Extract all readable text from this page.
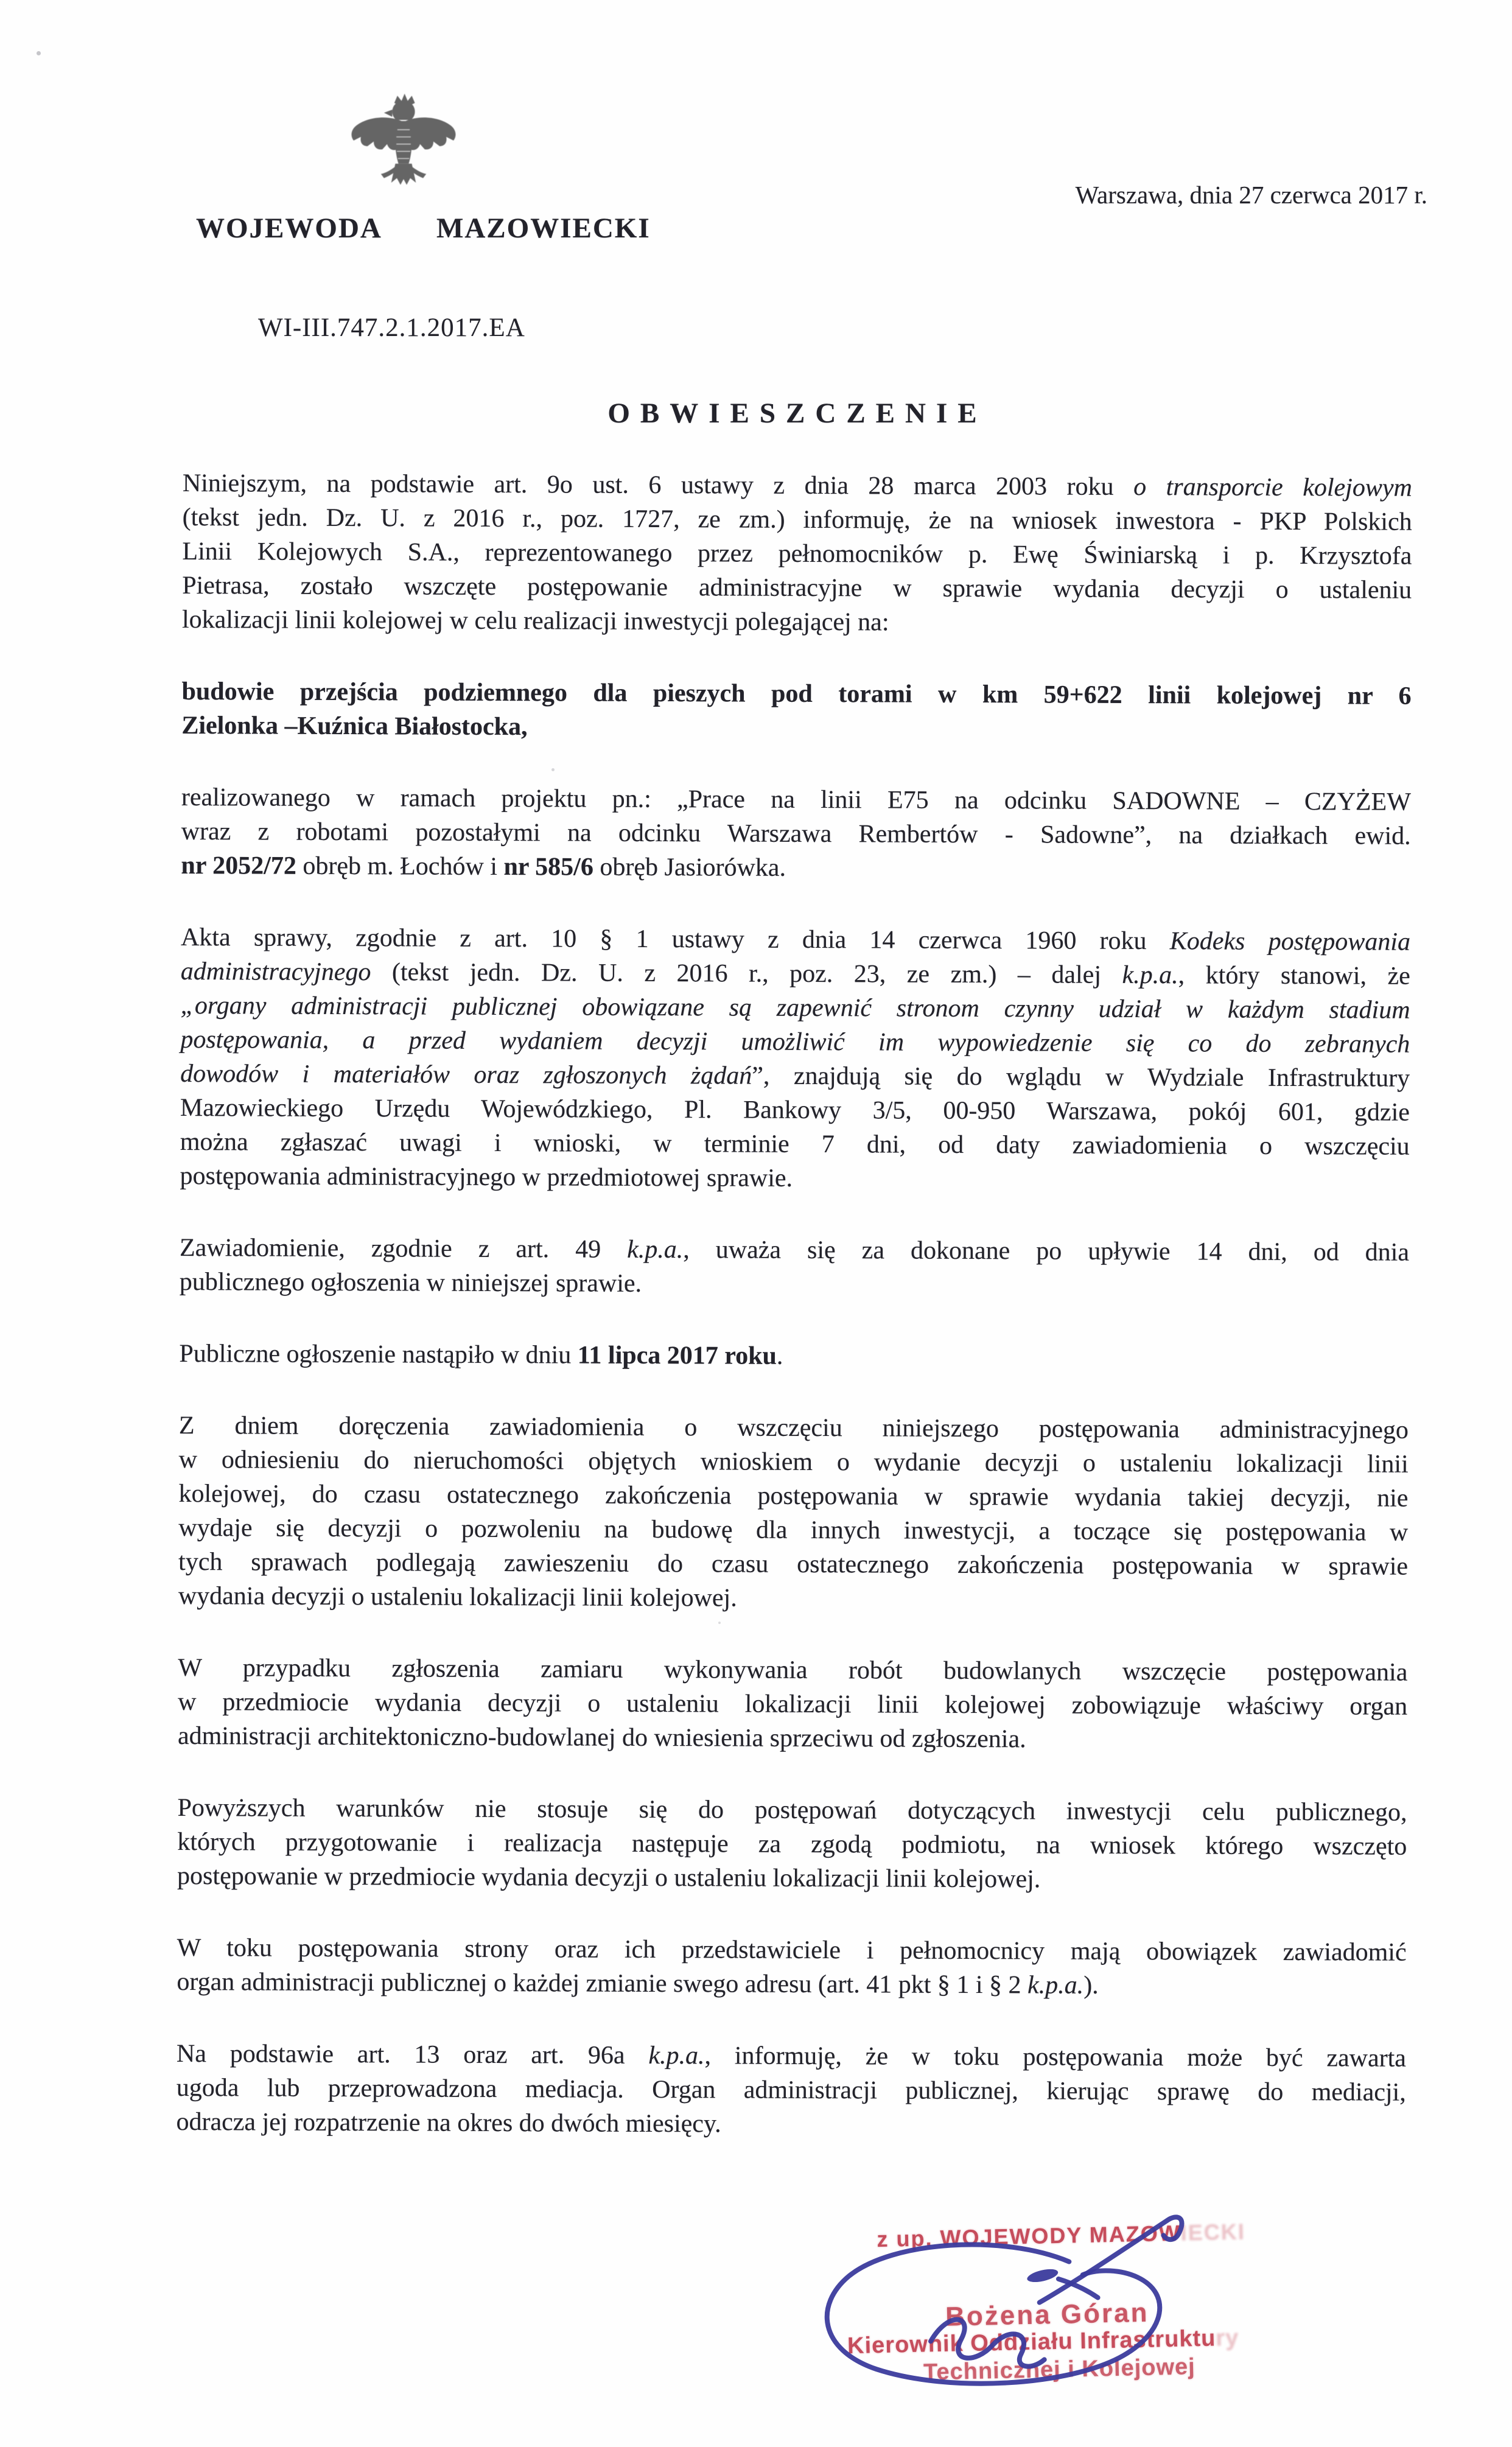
WOJEWODA MAZOWIECKI
Warszawa, dnia 27 czerwca 2017 r.
WI-III.747.2.1.2017.EA
OBWIESZCZENIE
Niniejszym, na podstawie art. 9o ust. 6 ustawy z dnia 28 marca 2003 roku o transporcie kolejowym
(tekst jedn. Dz. U. z 2016 r., poz. 1727, ze zm.) informuję, że na wniosek inwestora - PKP Polskich
Linii Kolejowych S.A., reprezentowanego przez pełnomocników p. Ewę Świniarską i p. Krzysztofa
Pietrasa, zostało wszczęte postępowanie administracyjne w sprawie wydania decyzji o ustaleniu
lokalizacji linii kolejowej w celu realizacji inwestycji polegającej na:
budowie przejścia podziemnego dla pieszych pod torami w km 59+622 linii kolejowej nr 6
Zielonka –Kuźnica Białostocka,
realizowanego w ramach projektu pn.: „Prace na linii E75 na odcinku SADOWNE – CZYŻEW
wraz z robotami pozostałymi na odcinku Warszawa Rembertów - Sadowne”, na działkach ewid.
nr 2052/72 obręb m. Łochów i nr 585/6 obręb Jasiorówka.
Akta sprawy, zgodnie z art. 10 § 1 ustawy z dnia 14 czerwca 1960 roku Kodeks postępowania
administracyjnego (tekst jedn. Dz. U. z 2016 r., poz. 23, ze zm.) – dalej k.p.a., który stanowi, że
„organy administracji publicznej obowiązane są zapewnić stronom czynny udział w każdym stadium
postępowania, a przed wydaniem decyzji umożliwić im wypowiedzenie się co do zebranych
dowodów i materiałów oraz zgłoszonych żądań”, znajdują się do wglądu w Wydziale Infrastruktury
Mazowieckiego Urzędu Wojewódzkiego, Pl. Bankowy 3/5, 00-950 Warszawa, pokój 601, gdzie
można zgłaszać uwagi i wnioski, w terminie 7 dni, od daty zawiadomienia o wszczęciu
postępowania administracyjnego w przedmiotowej sprawie.
Zawiadomienie, zgodnie z art. 49 k.p.a., uważa się za dokonane po upływie 14 dni, od dnia
publicznego ogłoszenia w niniejszej sprawie.
Publiczne ogłoszenie nastąpiło w dniu 11 lipca 2017 roku.
Z dniem doręczenia zawiadomienia o wszczęciu niniejszego postępowania administracyjnego
w odniesieniu do nieruchomości objętych wnioskiem o wydanie decyzji o ustaleniu lokalizacji linii
kolejowej, do czasu ostatecznego zakończenia postępowania w sprawie wydania takiej decyzji, nie
wydaje się decyzji o pozwoleniu na budowę dla innych inwestycji, a toczące się postępowania w
tych sprawach podlegają zawieszeniu do czasu ostatecznego zakończenia postępowania w sprawie
wydania decyzji o ustaleniu lokalizacji linii kolejowej.
W przypadku zgłoszenia zamiaru wykonywania robót budowlanych wszczęcie postępowania
w przedmiocie wydania decyzji o ustaleniu lokalizacji linii kolejowej zobowiązuje właściwy organ
administracji architektoniczno-budowlanej do wniesienia sprzeciwu od zgłoszenia.
Powyższych warunków nie stosuje się do postępowań dotyczących inwestycji celu publicznego,
których przygotowanie i realizacja następuje za zgodą podmiotu, na wniosek którego wszczęto
postępowanie w przedmiocie wydania decyzji o ustaleniu lokalizacji linii kolejowej.
W toku postępowania strony oraz ich przedstawiciele i pełnomocnicy mają obowiązek zawiadomić
organ administracji publicznej o każdej zmianie swego adresu (art. 41 pkt § 1 i § 2 k.p.a.).
Na podstawie art. 13 oraz art. 96a k.p.a., informuję, że w toku postępowania może być zawarta
ugoda lub przeprowadzona mediacja. Organ administracji publicznej, kierując sprawę do mediacji,
odracza jej rozpatrzenie na okres do dwóch miesięcy.
z up. WOJEWODY MAZOWIECKI
Bożena Góran
Kierownik Oddziału Infrastruktury
Technicznej i Kolejowej
